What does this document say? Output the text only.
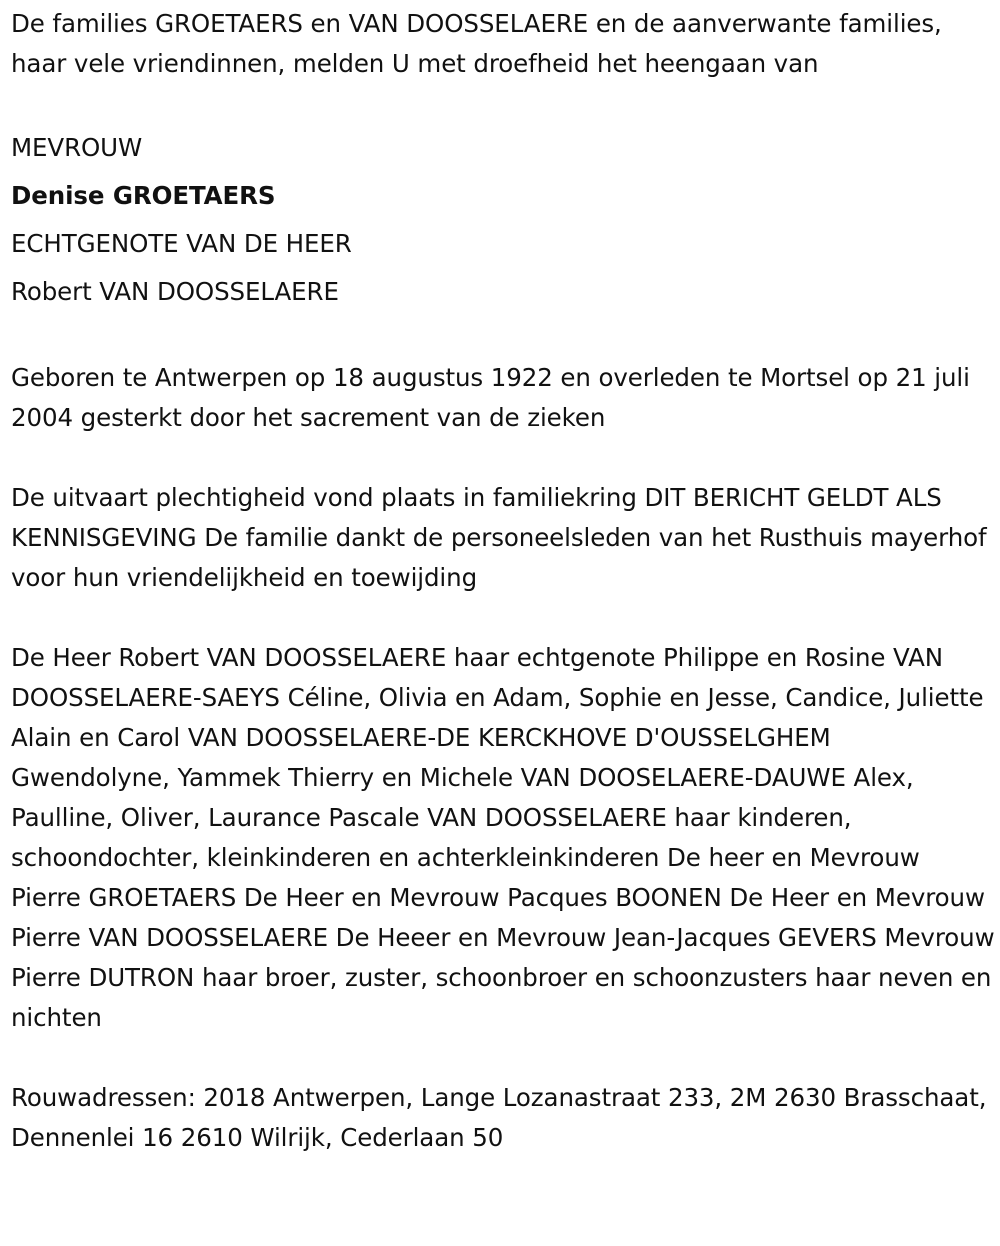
De families GROETAERS en VAN DOOSSELAERE en de aanverwante families, haar vele vriendinnen, melden U met droefheid het heengaan van

MEVROUW
Denise GROETAERS
ECHTGENOTE VAN DE HEER
Robert VAN DOOSSELAERE

Geboren te Antwerpen op 18 augustus 1922 en overleden te Mortsel op 21 juli 2004 gesterkt door het sacrement van de zieken

De uitvaart plechtigheid vond plaats in familiekring DIT BERICHT GELDT ALS KENNISGEVING De familie dankt de personeelsleden van het Rusthuis mayerhof voor hun vriendelijkheid en toewijding

De Heer Robert VAN DOOSSELAERE haar echtgenote Philippe en Rosine VAN DOOSSELAERE-SAEYS Céline, Olivia en Adam, Sophie en Jesse, Candice, Juliette Alain en Carol VAN DOOSSELAERE-DE KERCKHOVE D'OUSSELGHEM Gwendolyne, Yammek Thierry en Michele VAN DOOSELAERE-DAUWE Alex, Paulline, Oliver, Laurance Pascale VAN DOOSSELAERE haar kinderen, schoondochter, kleinkinderen en achterkleinkinderen De heer en Mevrouw Pierre GROETAERS De Heer en Mevrouw Pacques BOONEN De Heer en Mevrouw Pierre VAN DOOSSELAERE De Heeer en Mevrouw Jean-Jacques GEVERS Mevrouw Pierre DUTRON haar broer, zuster, schoonbroer en schoonzusters haar neven en nichten

Rouwadressen: 2018 Antwerpen, Lange Lozanastraat 233, 2M 2630 Brasschaat, Dennenlei 16 2610 Wilrijk, Cederlaan 50
